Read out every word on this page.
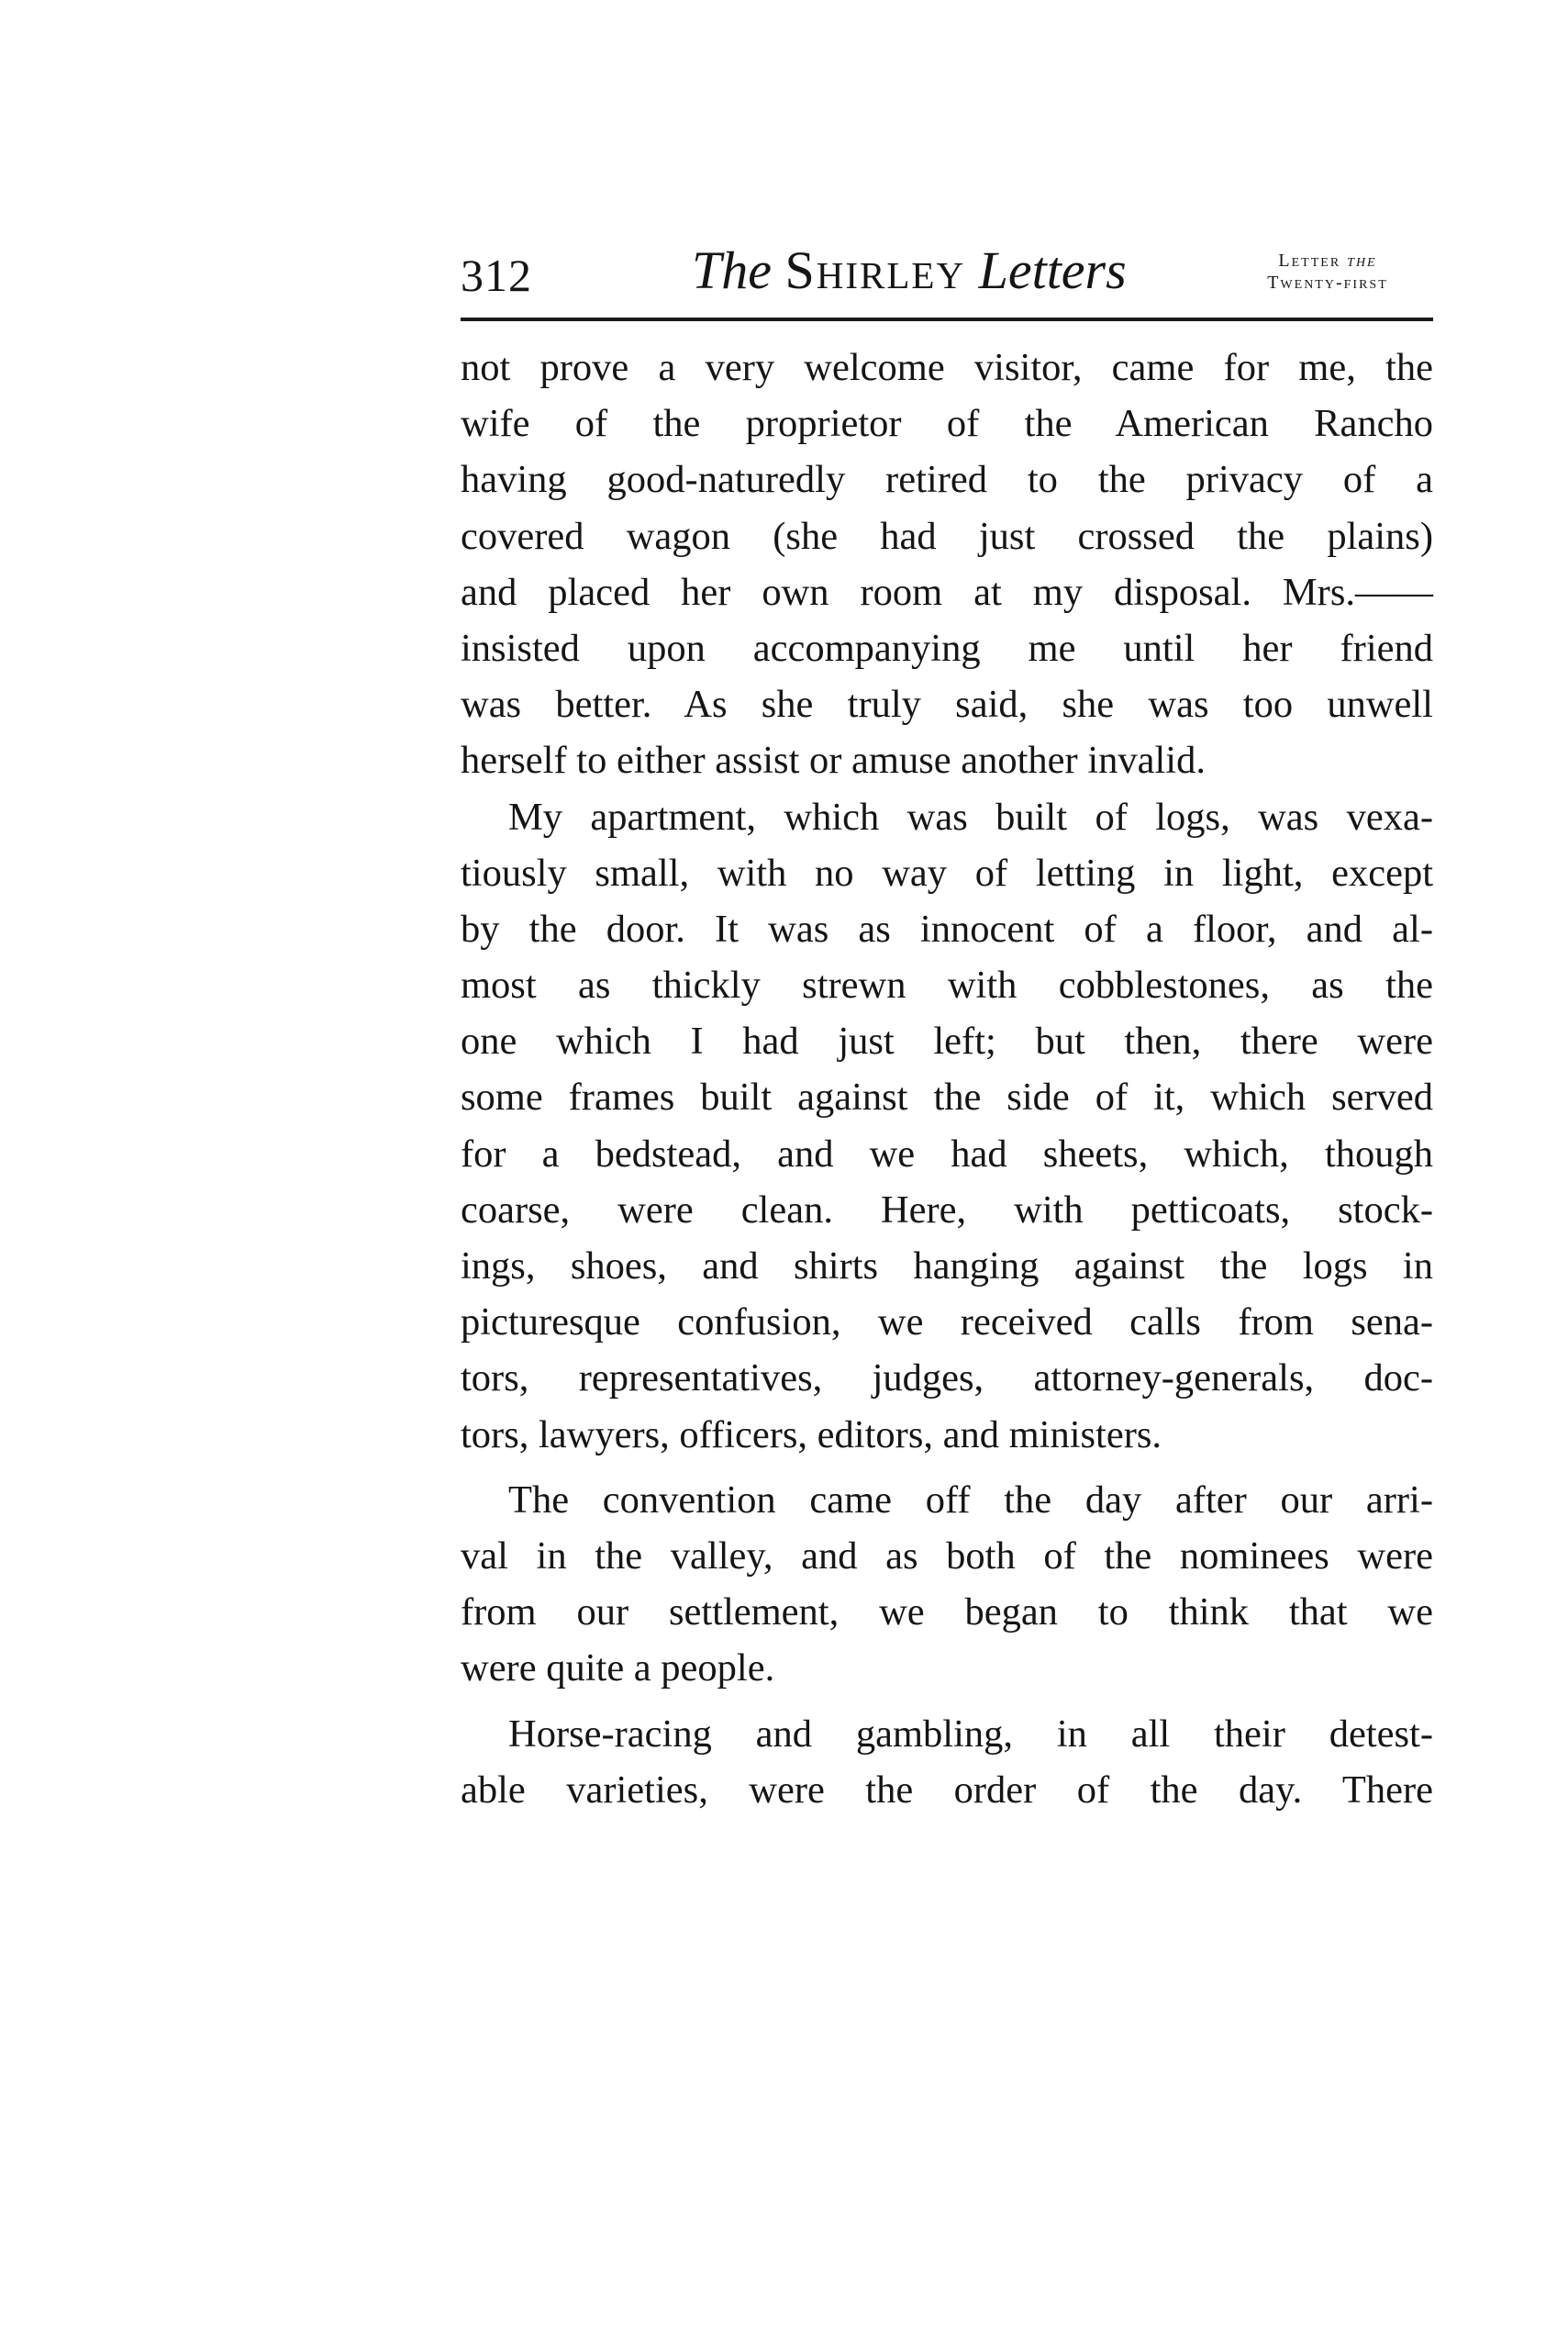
312	The Shirley Letters	Letter the
Twenty-first
not prove a very welcome visitor, came for me, the
wife of the proprietor of the American Rancho
having good-naturedly retired to the privacy of a
covered wagon (she had just crossed the plains)
and placed her own room at my disposal. Mrs.——
insisted upon accompanying me until her friend
was better. As she truly said, she was too unwell
herself to either assist or amuse another invalid.
My apartment, which was built of logs, was vexa-
tiously small, with no way of letting in light, except
by the door. It was as innocent of a floor, and al-
most as thickly strewn with cobblestones, as the
one which I had just left; but then, there were
some frames built against the side of it, which served
for a bedstead, and we had sheets, which, though
coarse, were clean. Here, with petticoats, stock-
ings, shoes, and shirts hanging against the logs in
picturesque confusion, we received calls from sena-
tors, representatives, judges, attorney-generals, doc-
tors, lawyers, officers, editors, and ministers.
The convention came off the day after our arri-
val in the valley, and as both of the nominees were
from our settlement, we began to think that we
were quite a people.
Horse-racing and gambling, in all their detest-
able varieties, were the order of the day. There
